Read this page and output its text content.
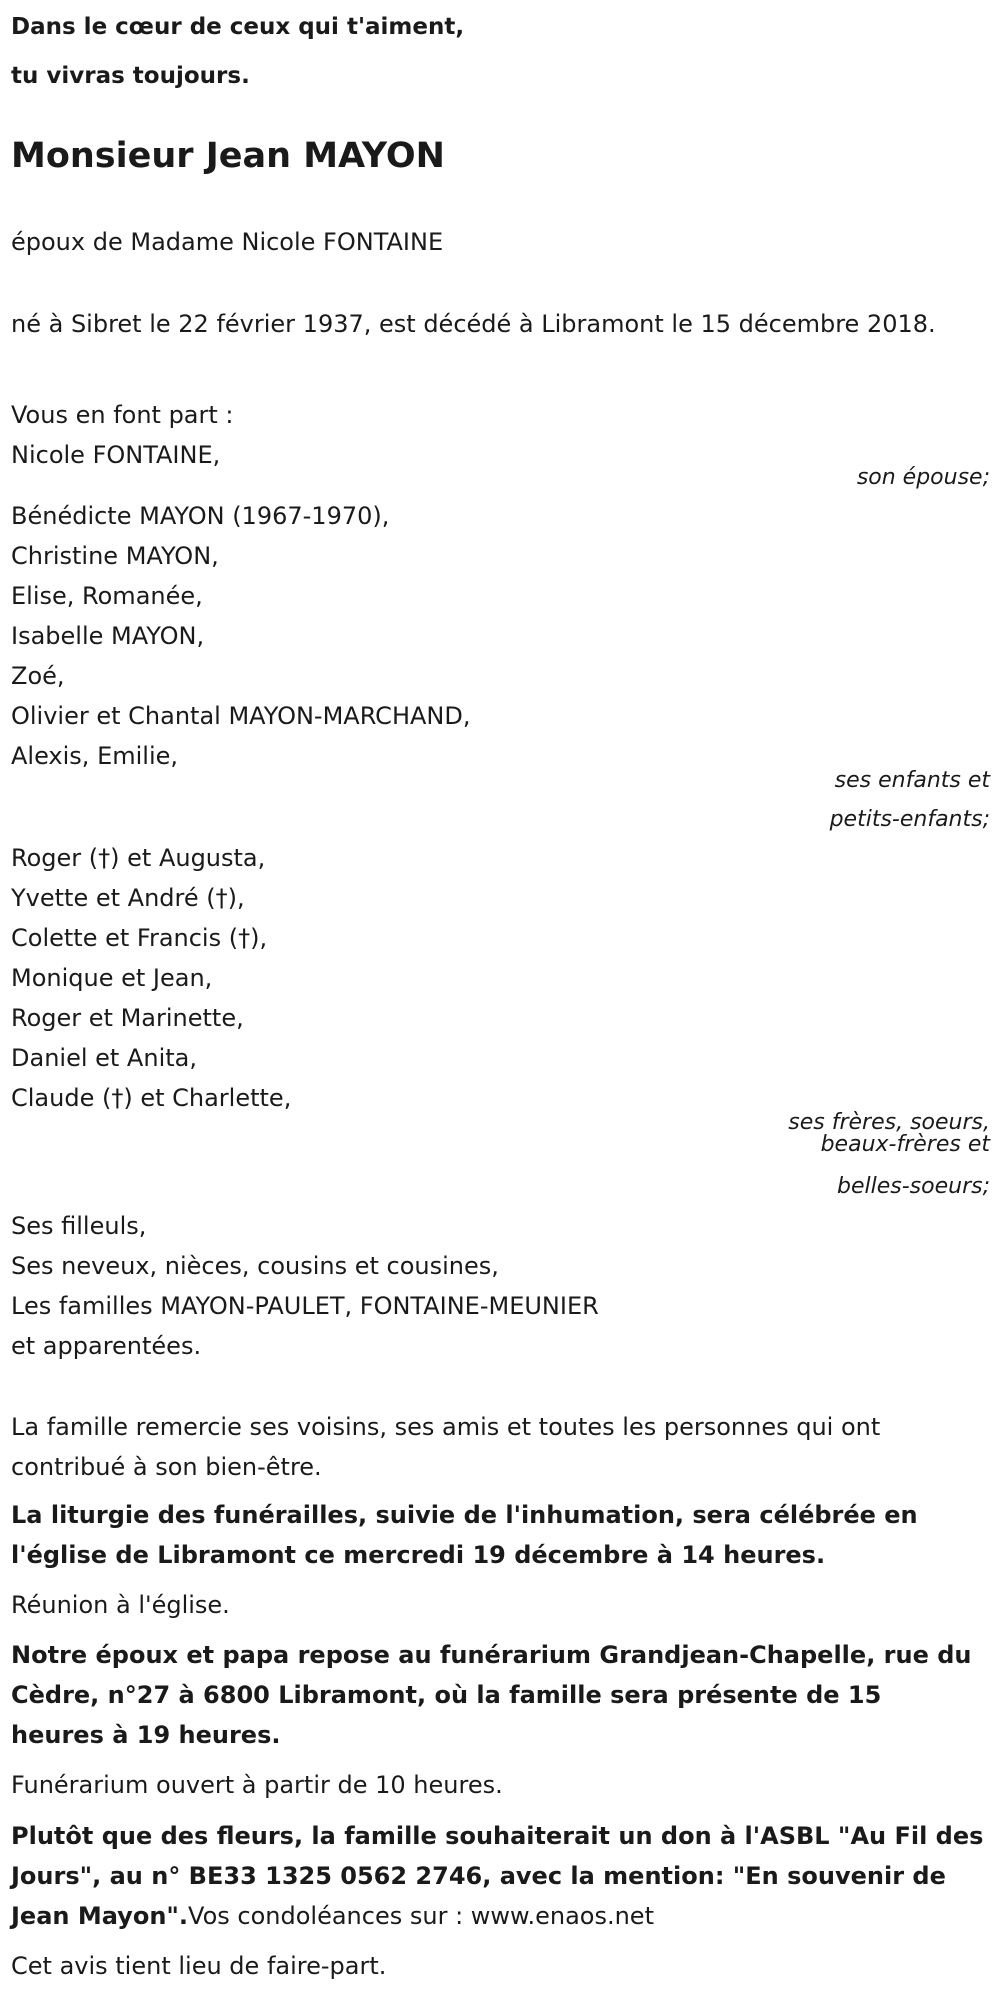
Dans le cœur de ceux qui t'aiment,
tu vivras toujours.

Monsieur Jean MAYON

époux de Madame Nicole FONTAINE

né à Sibret le 22 février 1937, est décédé à Libramont le 15 décembre 2018.

Vous en font part :

Nicole FONTAINE,

son épouse;

Bénédicte MAYON (1967-1970),
Christine MAYON,
Elise, Romanée,
Isabelle MAYON,
Zoé,
Olivier et Chantal MAYON-MARCHAND,
Alexis, Emilie,

ses enfants et
petits-enfants;

Roger (†) et Augusta,
Yvette et André (†),
Colette et Francis (†),
Monique et Jean,
Roger et Marinette,
Daniel et Anita,
Claude (†) et Charlette,

ses frères, soeurs,
beaux-frères et

belles-soeurs;

Ses filleuls,
Ses neveux, nièces, cousins et cousines,
Les familles MAYON-PAULET, FONTAINE-MEUNIER
et apparentées.

La famille remercie ses voisins, ses amis et toutes les personnes qui ont contribué à son bien-être.

La liturgie des funérailles, suivie de l'inhumation, sera célébrée en l'église de Libramont ce mercredi 19 décembre à 14 heures.

Réunion à l'église.

Notre époux et papa repose au funérarium Grandjean-Chapelle, rue du Cèdre, n°27 à 6800 Libramont, où la famille sera présente de 15 heures à 19 heures.

Funérarium ouvert à partir de 10 heures.

Plutôt que des fleurs, la famille souhaiterait un don à l'ASBL "Au Fil des Jours", au n° BE33 1325 0562 2746, avec la mention: "En souvenir de Jean Mayon".Vos condoléances sur : www.enaos.net

Cet avis tient lieu de faire-part.
